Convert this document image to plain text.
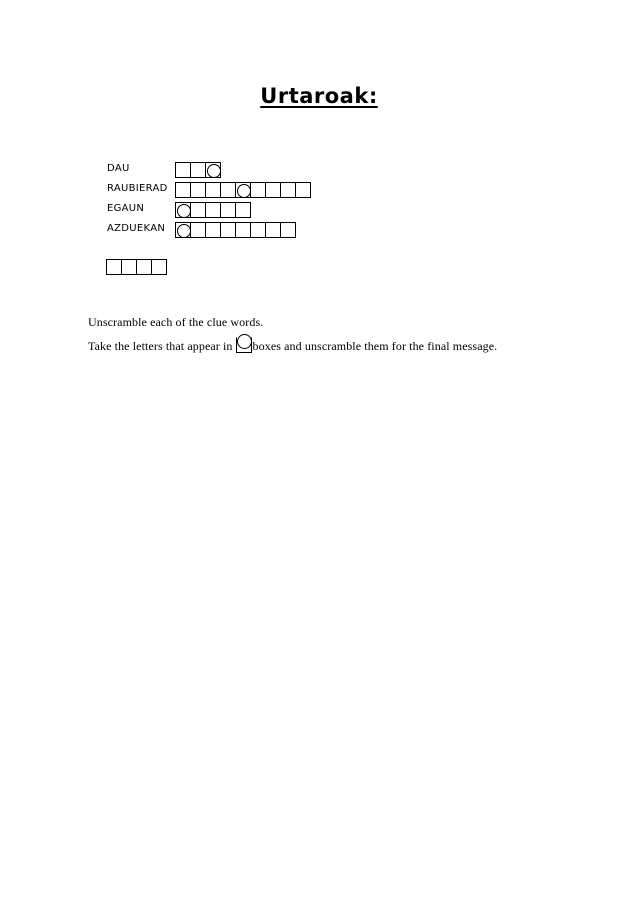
Urtaroak:
DAU
RAUBIERAD
EGAUN
AZDUEKAN
Unscramble each of the clue words.
Take the letters that appear in boxes and unscramble them for the final message.
